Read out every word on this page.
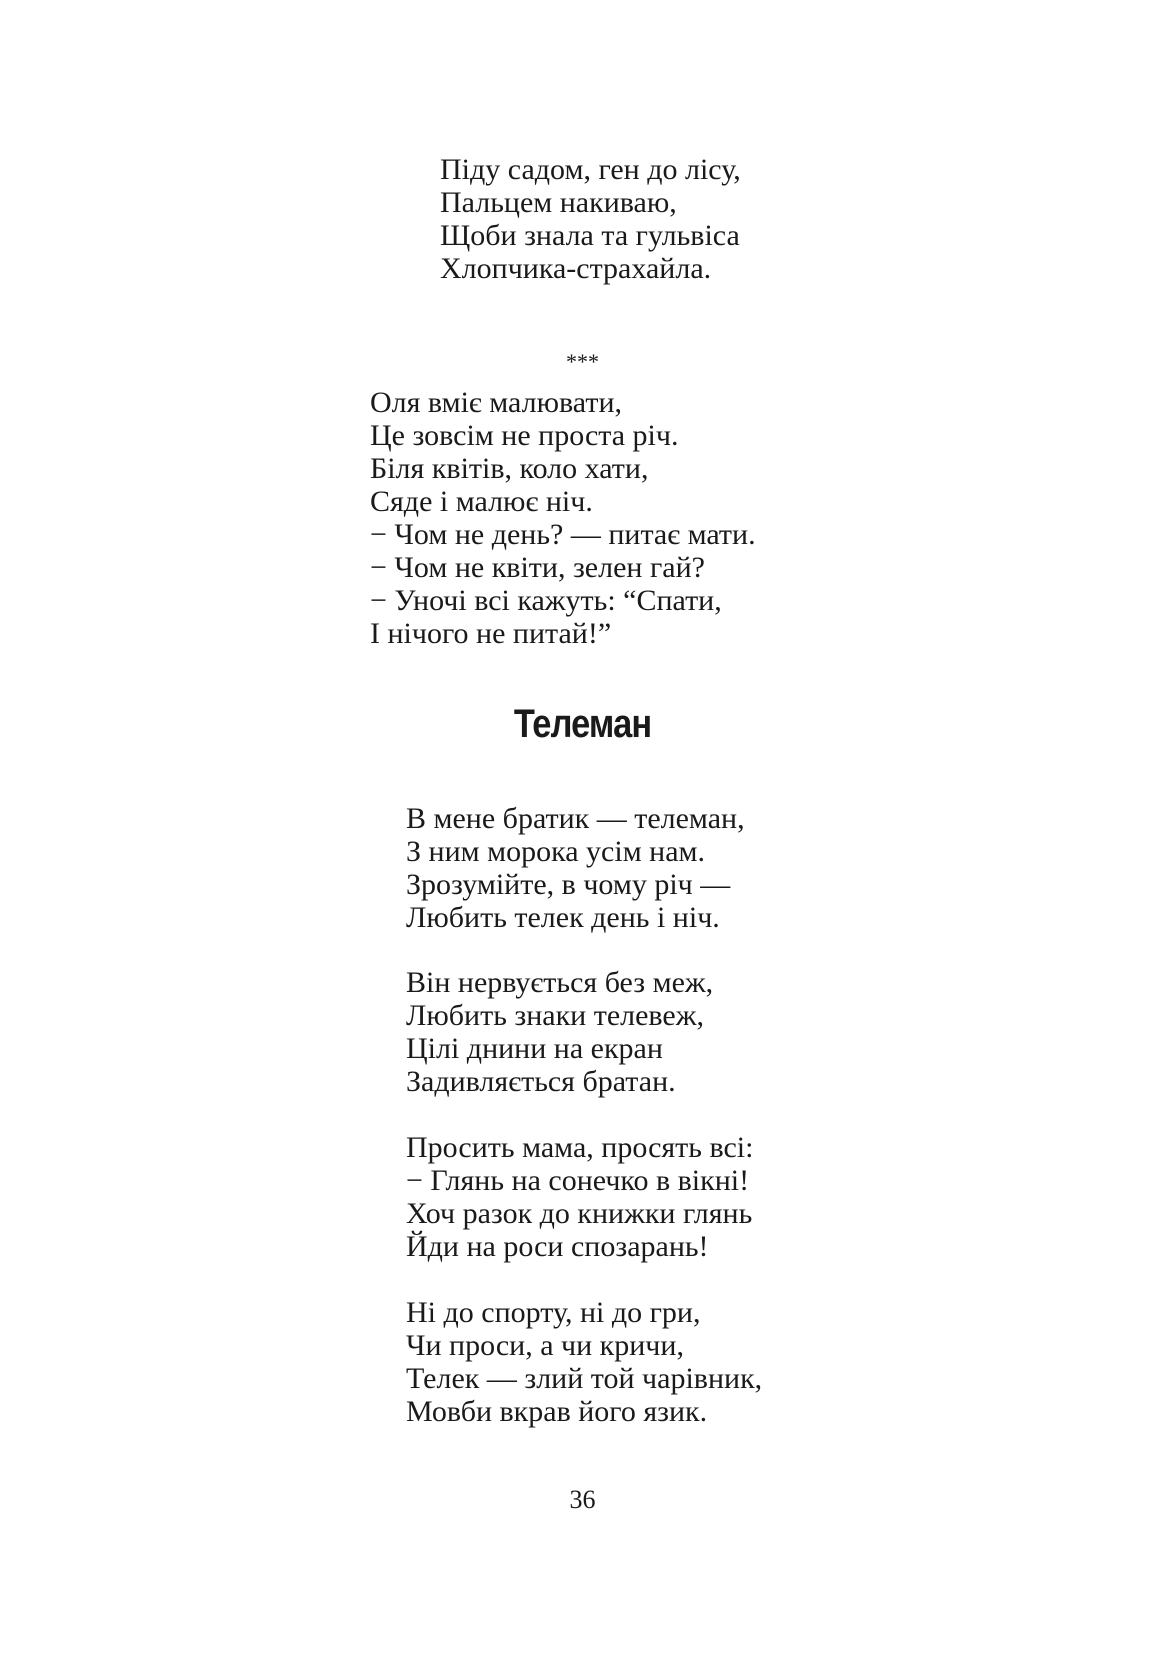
Піду садом, ген до лісу,
Пальцем накиваю,
Щоби знала та гульвіса
Хлопчика-страхайла.
***
Оля вміє малювати,
Це зовсім не проста річ.
Біля квітів, коло хати,
Сяде і малює ніч.
− Чом не день? — питає мати.
− Чом не квіти, зелен гай?
− Уночі всі кажуть: “Спати,
І нічого не питай!”
Телеман
В мене братик — телеман,
З ним морока усім нам.
Зрозумійте, в чому річ —
Любить телек день і ніч.
Він нервується без меж,
Любить знаки телевеж,
Цілі днини на екран
Задивляється братан.
Просить мама, просять всі:
− Глянь на сонечко в вікні!
Хоч разок до книжки глянь
Йди на роси спозарань!
Ні до спорту, ні до гри,
Чи проси, а чи кричи,
Телек — злий той чарівник,
Мовби вкрав його язик.
36
